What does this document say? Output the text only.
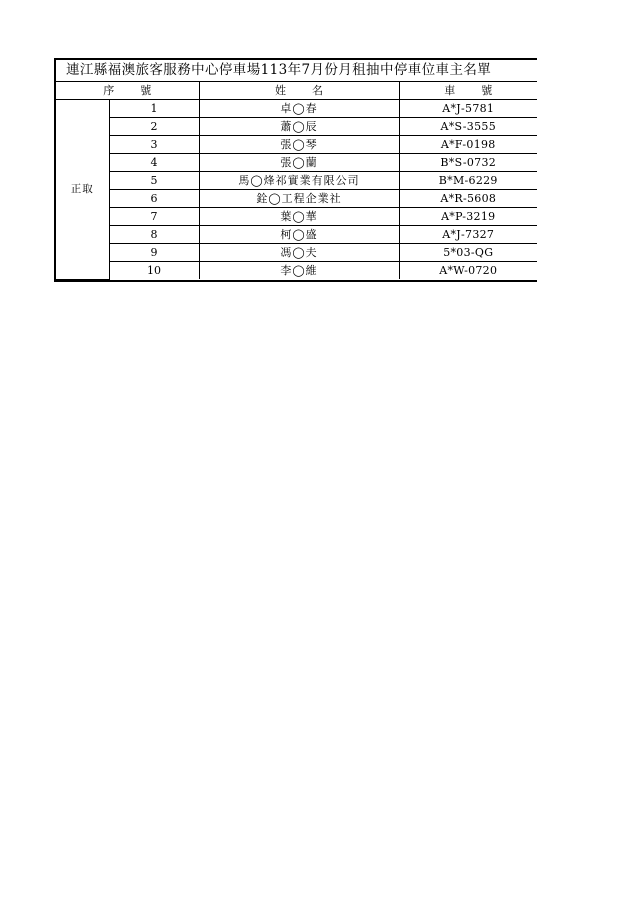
連江縣福澳旅客服務中心停車場113年7月份月租抽中停車位車主名單
序 號		姓 名	車 號
正取	1	卓◯春	A*J-5781
	2	蕭◯辰	A*S-3555
	3	張◯琴	A*F-0198
	4	張◯蘭	B*S-0732
	5	馬◯烽祁實業有限公司	B*M-6229
	6	銓◯工程企業社	A*R-5608
	7	葉◯華	A*P-3219
	8	柯◯盛	A*J-7327
	9	馮◯夫	5*03-QG
	10	李◯維	A*W-0720
